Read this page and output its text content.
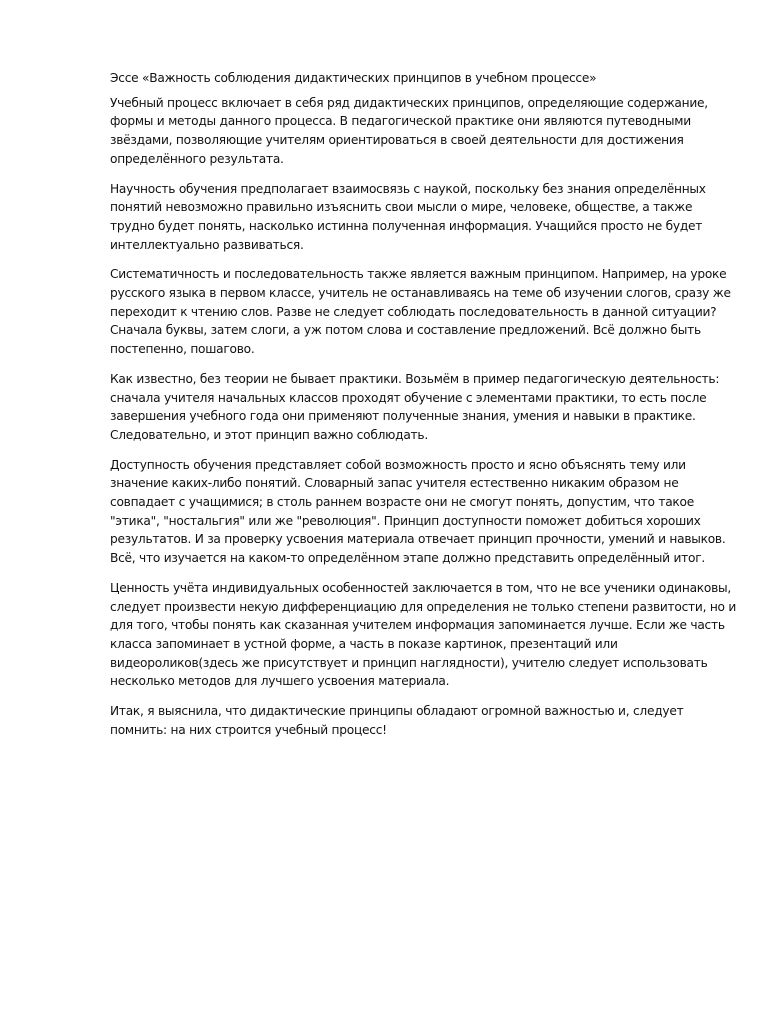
Эссе «Важность соблюдения дидактических принципов в учебном процессе»
Учебный процесс включает в себя ряд дидактических принципов, определяющие содержание,
формы и методы данного процесса. В педагогической практике они являются путеводными
звёздами, позволяющие учителям ориентироваться в своей деятельности для достижения
определённого результата.
Научность обучения предполагает взаимосвязь с наукой, поскольку без знания определённых
понятий невозможно правильно изъяснить свои мысли о мире, человеке, обществе, а также
трудно будет понять, насколько истинна полученная информация. Учащийся просто не будет
интеллектуально развиваться.
Систематичность и последовательность также является важным принципом. Например, на уроке
русского языка в первом классе, учитель не останавливаясь на теме об изучении слогов, сразу же
переходит к чтению слов. Разве не следует соблюдать последовательность в данной ситуации?
Сначала буквы, затем слоги, а уж потом слова и составление предложений. Всё должно быть
постепенно, пошагово.
Как известно, без теории не бывает практики. Возьмём в пример педагогическую деятельность:
сначала учителя начальных классов проходят обучение с элементами практики, то есть после
завершения учебного года они применяют полученные знания, умения и навыки в практике.
Следовательно, и этот принцип важно соблюдать.
Доступность обучения представляет собой возможность просто и ясно объяснять тему или
значение каких-либо понятий. Словарный запас учителя естественно никаким образом не
совпадает с учащимися; в столь раннем возрасте они не смогут понять, допустим, что такое
"этика", "ностальгия" или же "революция". Принцип доступности поможет добиться хороших
результатов. И за проверку усвоения материала отвечает принцип прочности, умений и навыков.
Всё, что изучается на каком-то определённом этапе должно представить определённый итог.
Ценность учёта индивидуальных особенностей заключается в том, что не все ученики одинаковы,
следует произвести некую дифференциацию для определения не только степени развитости, но и
для того, чтобы понять как сказанная учителем информация запоминается лучше. Если же часть
класса запоминает в устной форме, а часть в показе картинок, презентаций или
видеороликов(здесь же присутствует и принцип наглядности), учителю следует использовать
несколько методов для лучшего усвоения материала.
Итак, я выяснила, что дидактические принципы обладают огромной важностью и, следует
помнить: на них строится учебный процесс!
